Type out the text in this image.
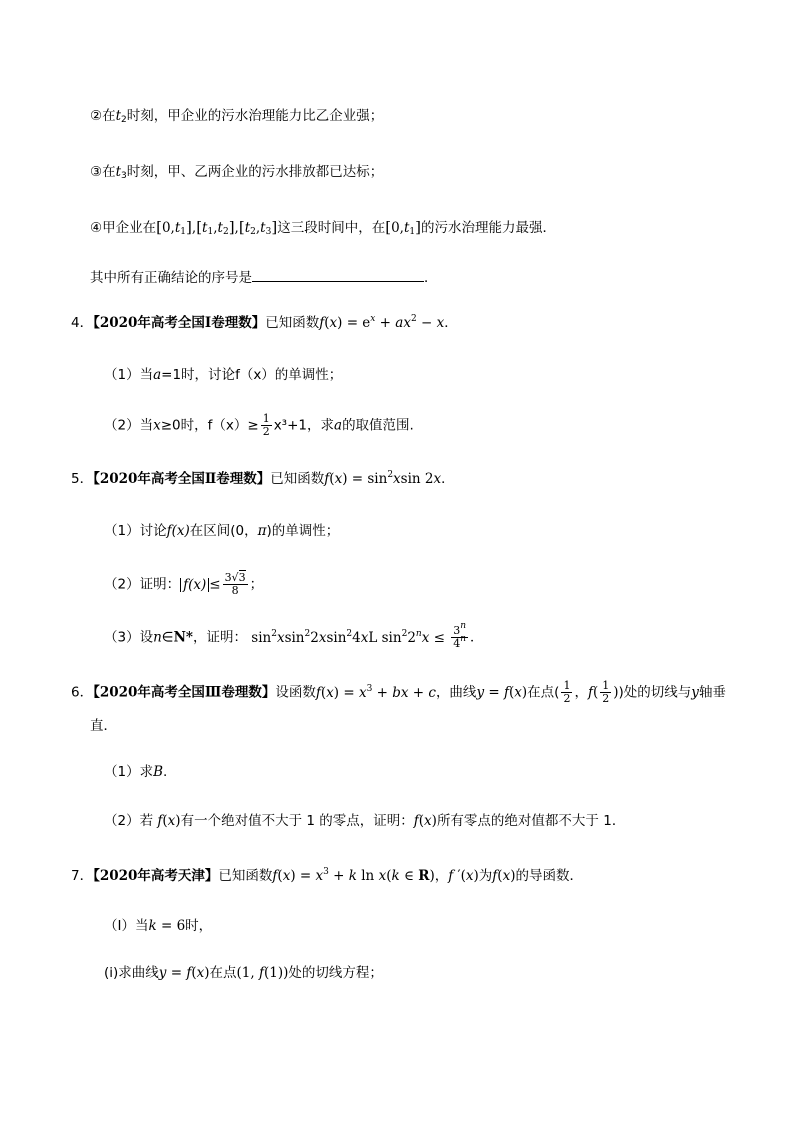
②在$t_2$时刻，甲企业的污水治理能力比乙企业强；
③在$t_3$时刻，甲、乙两企业的污水排放都已达标；
④甲企业在$[0,t_1],[t_1,t_2],[t_2,t_3]$这三段时间中，在$[0,t_1]$的污水治理能力最强．
其中所有正确结论的序号是	．
4．【2020年高考全国Ⅰ卷理数】已知函数$f(x) = e^x + ax^2 - x$．
（1）当a=1时，讨论f（x）的单调性；
（2）当x≥0时，$f(x)\ge \frac{1}{2} x^3+1$，求a的取值范围.
5．【2020年高考全国Ⅱ卷理数】已知函数$f(x) = \sin^2xsin$ 2x．
（1）讨论f(x)在区间(0，π)的单调性；
（2）证明： $f(x) \le \frac{3√3}{8}$ ；
（3）设n∈N*，证明： $\sin^2xsin^22xsin^24xL$ $\sin^22^nx \le \frac{3^n}{4^n}$ ．
6．【2020年高考全国Ⅲ卷理数】设函数$f(x) = x^3$ + bx + c，曲线y = f(x)在点( $\frac{1}{2}$ ，$f( \frac{1}{2}$ ))处的切线与y轴垂
直．
（1）求B.
（2）若 f(x)有一个绝对值不大于 1 的零点，证明：f(x)所有零点的绝对值都不大于 1．
7．【2020年高考天津】已知函数$f(x) = x^3 + k$ ln x(k ∈ R)，f ′(x)为f(x)的导函数．
（Ⅰ）当k = 6时，
(i)求曲线y = f(x)在点(1, f(1))处的切线方程；
